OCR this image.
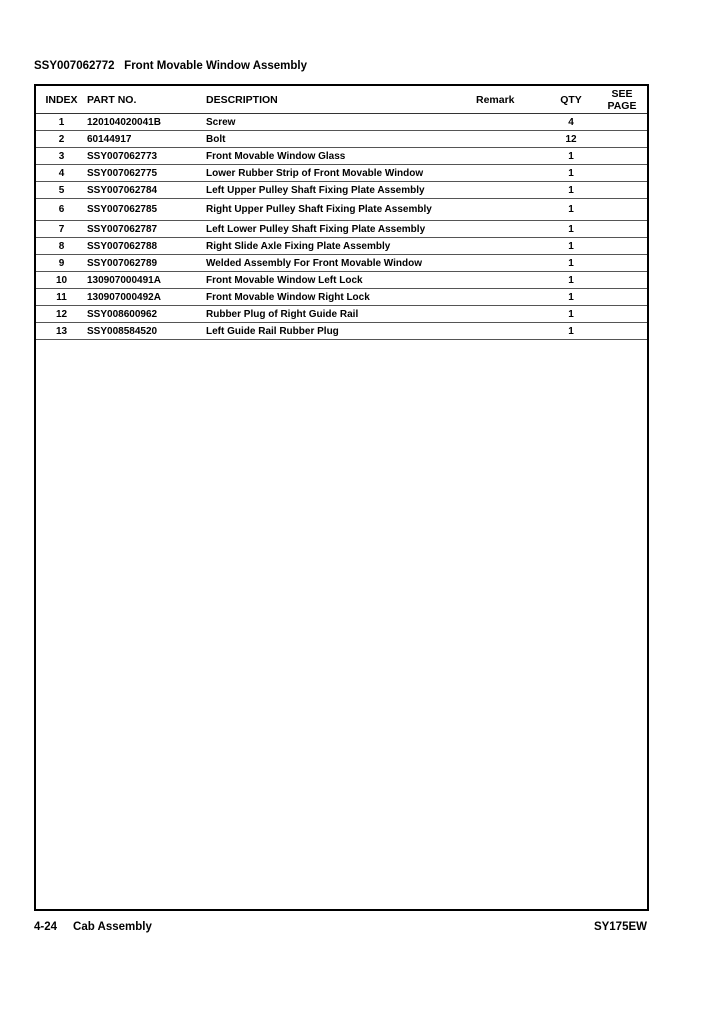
SSY007062772 Front Movable Window Assembly
INDEX PART NO.	DESCRIPTION	Remark	QTY	SEE
PAGE
1	120104020041B	Screw	4
2	60144917	Bolt	12
3	SSY007062773	Front Movable Window Glass	1
4	SSY007062775	Lower Rubber Strip of Front Movable Window	1
5	SSY007062784	Left Upper Pulley Shaft Fixing Plate Assembly	1
6	SSY007062785	Right Upper Pulley Shaft Fixing Plate Assembly	1
7	SSY007062787	Left Lower Pulley Shaft Fixing Plate Assembly	1
8	SSY007062788	Right Slide Axle Fixing Plate Assembly	1
9	SSY007062789	Welded Assembly For Front Movable Window	1
10	130907000491A	Front Movable Window Left Lock	1
11	130907000492A	Front Movable Window Right Lock	1
12	SSY008600962	Rubber Plug of Right Guide Rail	1
13	SSY008584520	Left Guide Rail Rubber Plug	1
4-24 Cab Assembly	SY175EW
